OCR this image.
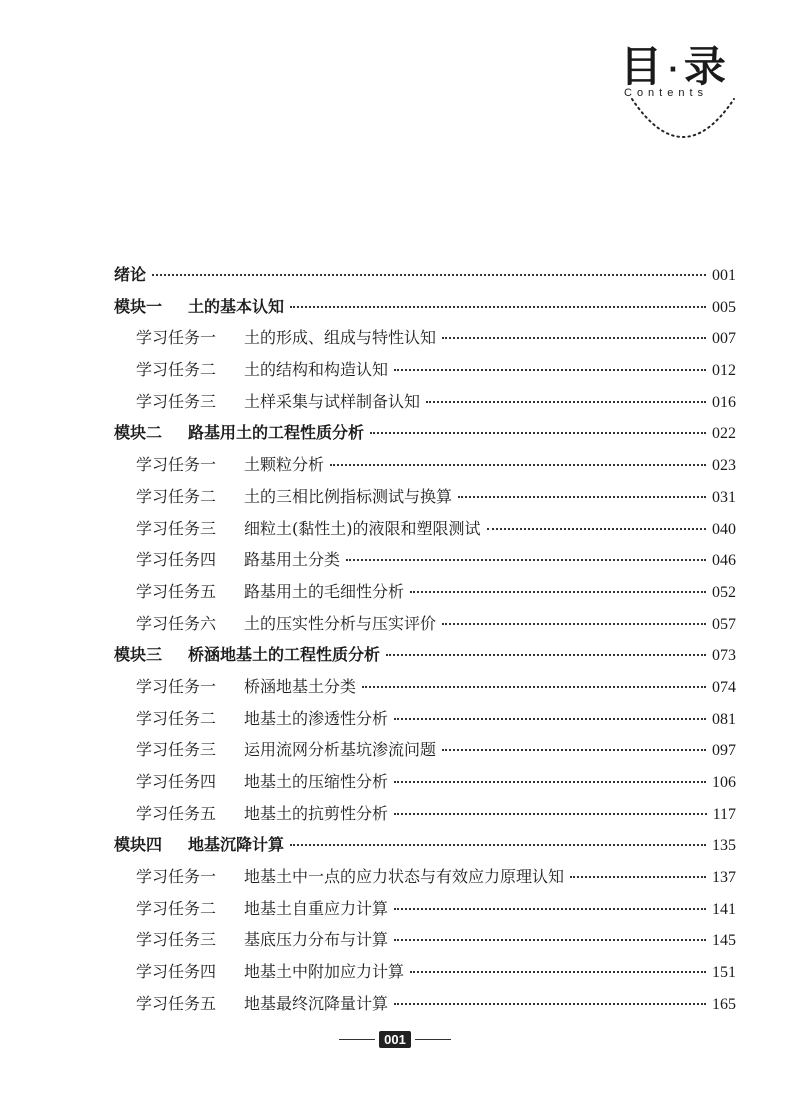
目 ·录
Contents
绪论	001
模块一 土的基本认知	005
学习任务一 土的形成、组成与特性认知	007
学习任务二 土的结构和构造认知	012
学习任务三 土样采集与试样制备认知	016
模块二 路基用土的工程性质分析	022
学习任务一 土颗粒分析	023
学习任务二 土的三相比例指标测试与换算	031
学习任务三 细粒土(黏性土)的液限和塑限测试	040
学习任务四 路基用土分类	046
学习任务五 路基用土的毛细性分析	052
学习任务六 土的压实性分析与压实评价	057
模块三 桥涵地基土的工程性质分析	073
学习任务一 桥涵地基土分类	074
学习任务二 地基土的渗透性分析	081
学习任务三 运用流网分析基坑渗流问题	097
学习任务四 地基土的压缩性分析	106
学习任务五 地基土的抗剪性分析	117
模块四 地基沉降计算	135
学习任务一 地基土中一点的应力状态与有效应力原理认知	137
学习任务二 地基土自重应力计算	141
学习任务三 基底压力分布与计算	145
学习任务四 地基土中附加应力计算	151
学习任务五 地基最终沉降量计算	165
001
